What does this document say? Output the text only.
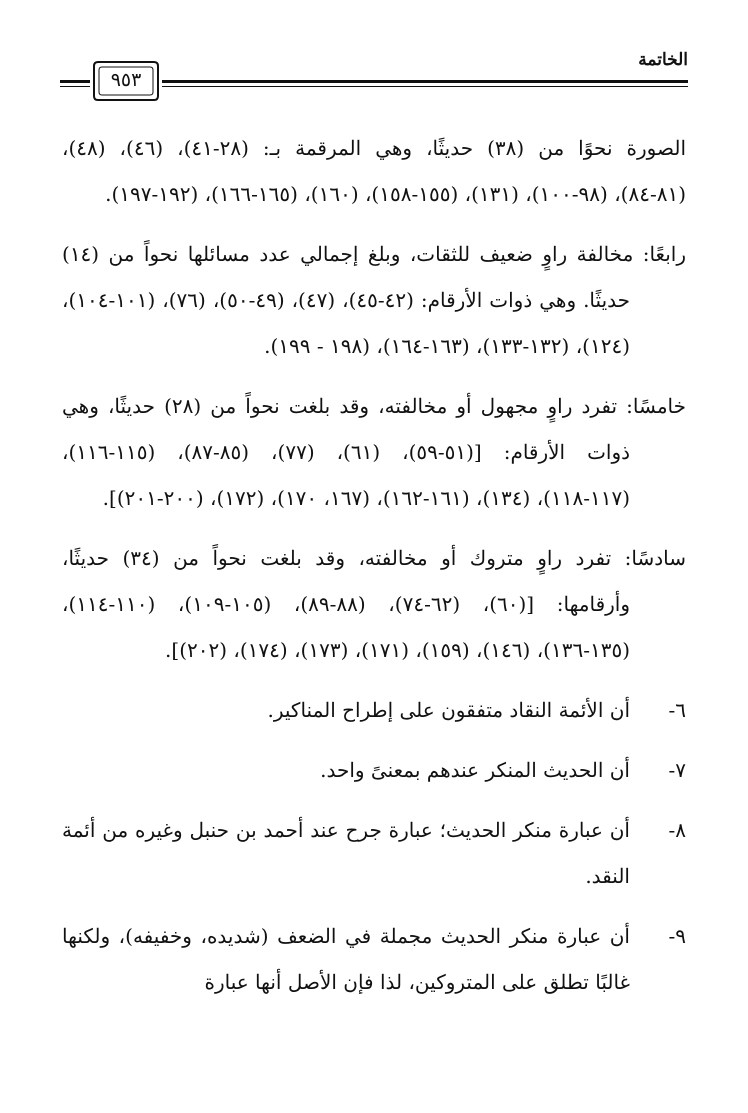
الخاتمة
٩٥٣

الصورة نحوًا من (٣٨) حديثًا، وهي المرقمة بـ: (٢٨-٤١)، (٤٦)، (٤٨)، (٨١-٨٤)، (٩٨-١٠٠)، (١٣١)، (١٥٥-١٥٨)، (١٦٠)، (١٦٥-١٦٦)، (١٩٢-١٩٧).

رابعًا: مخالفة راوٍ ضعيف للثقات، وبلغ إجمالي عدد مسائلها نحواً من (١٤) حديثًا. وهي ذوات الأرقام: (٤٢-٤٥)، (٤٧)، (٤٩-٥٠)، (٧٦)، (١٠١-١٠٤)، (١٢٤)، (١٣٢-١٣٣)، (١٦٣-١٦٤)، (١٩٨ - ١٩٩).

خامسًا: تفرد راوٍ مجهول أو مخالفته، وقد بلغت نحواً من (٢٨) حديثًا، وهي ذوات الأرقام: [(٥١-٥٩)، (٦١)، (٧٧)، (٨٥-٨٧)، (١١٥-١١٦)، (١١٧-١١٨)، (١٣٤)، (١٦١-١٦٢)، (١٦٧، ١٧٠)، (١٧٢)، (٢٠٠-٢٠١)].

سادسًا: تفرد راوٍ متروك أو مخالفته، وقد بلغت نحواً من (٣٤) حديثًا، وأرقامها: [(٦٠)، (٦٢-٧٤)، (٨٨-٨٩)، (١٠٥-١٠٩)، (١١٠-١١٤)، (١٣٥-١٣٦)، (١٤٦)، (١٥٩)، (١٧١)، (١٧٣)، (١٧٤)، (٢٠٢)].

٦-
أن الأئمة النقاد متفقون على إطراح المناكير.
٧-
أن الحديث المنكر عندهم بمعنىً واحد.
٨-
أن عبارة منكر الحديث؛ عبارة جرح عند أحمد بن حنبل وغيره من أئمة النقد.
٩-
أن عبارة منكر الحديث مجملة في الضعف (شديده، وخفيفه)، ولكنها غالبًا تطلق على المتروكين، لذا فإن الأصل أنها عبارة
